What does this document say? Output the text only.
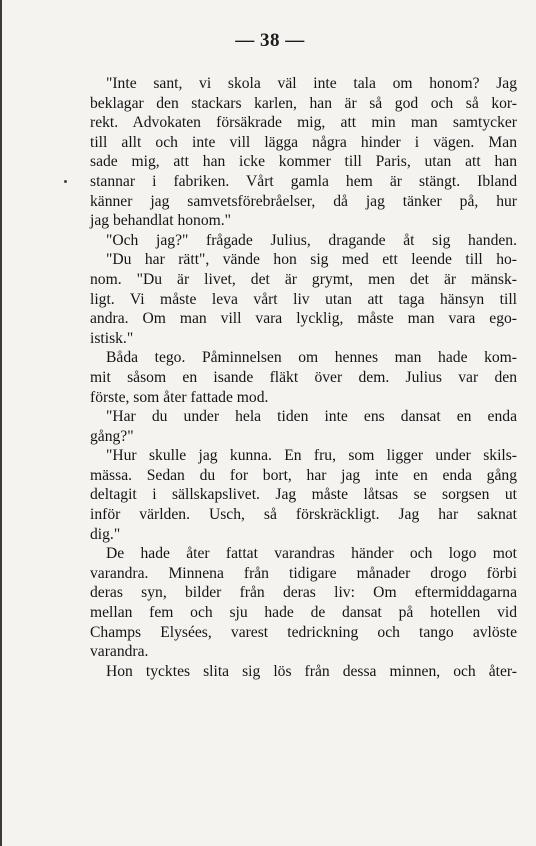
— 38 —
"Inte sant, vi skola väl inte tala om honom? Jag
beklagar den stackars karlen, han är så god och så kor-
rekt. Advokaten försäkrade mig, att min man samtycker
till allt och inte vill lägga några hinder i vägen. Man
sade mig, att han icke kommer till Paris, utan att han
stannar i fabriken. Vårt gamla hem är stängt. Ibland
känner jag samvetsförebråelser, då jag tänker på, hur
jag behandlat honom."
"Och jag?" frågade Julius, dragande åt sig handen.
"Du har rätt", vände hon sig med ett leende till ho-
nom. "Du är livet, det är grymt, men det är mänsk-
ligt. Vi måste leva vårt liv utan att taga hänsyn till
andra. Om man vill vara lycklig, måste man vara ego-
istisk."
Båda tego. Påminnelsen om hennes man hade kom-
mit såsom en isande fläkt över dem. Julius var den
förste, som åter fattade mod.
"Har du under hela tiden inte ens dansat en enda
gång?"
"Hur skulle jag kunna. En fru, som ligger under skils-
mässa. Sedan du for bort, har jag inte en enda gång
deltagit i sällskapslivet. Jag måste låtsas se sorgsen ut
inför världen. Usch, så förskräckligt. Jag har saknat
dig."
De hade åter fattat varandras händer och logo mot
varandra. Minnena från tidigare månader drogo förbi
deras syn, bilder från deras liv: Om eftermiddagarna
mellan fem och sju hade de dansat på hotellen vid
Champs Elysées, varest tedrickning och tango avlöste
varandra.
Hon tycktes slita sig lös från dessa minnen, och åter-
